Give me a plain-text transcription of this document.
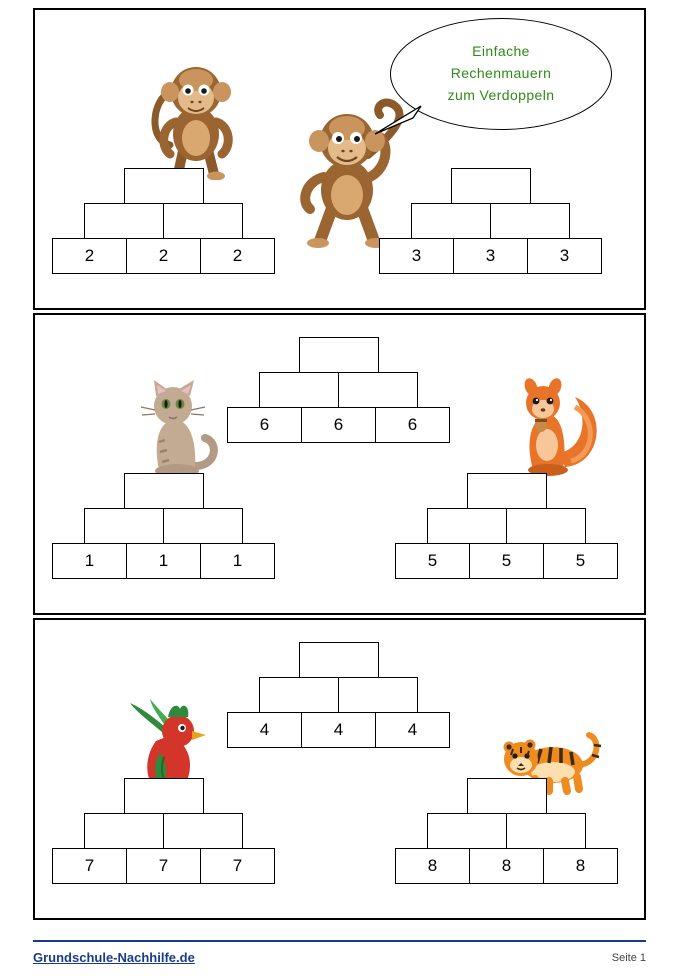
Einfache
Rechenmauern
zum Verdoppeln
2	2	2	3	3	3
6	6	6
1	1	1	5	5	5
4	4	4
7	7	7	8	8	8
Grundschule-Nachhilfe.de	Seite 1
